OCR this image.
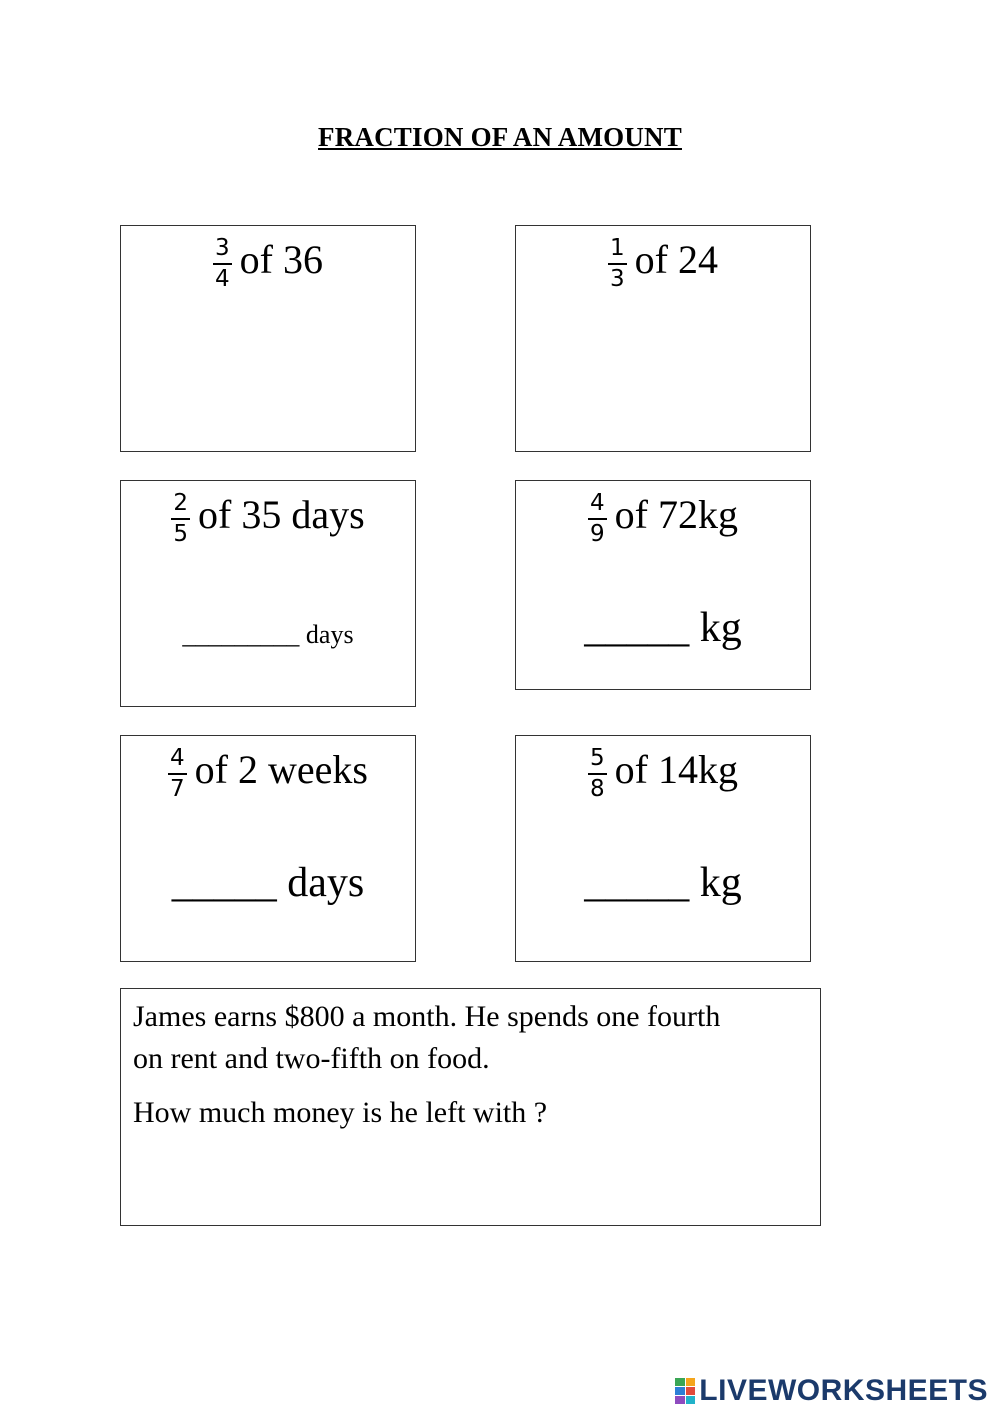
FRACTION OF AN AMOUNT
$\frac{3}{4}$ of 36	$\frac{1}{3}$ of 24
$\frac{2}{5}$ of 35 days
_________ days
$\frac{4}{9}$ of 72kg
_____ kg
$\frac{4}{7}$ of 2 weeks
_____ days
$\frac{5}{8}$ of 14kg
_____ kg

James earns $800 a month. He spends one fourth

on rent and two-fifth on food.

How much money is he left with ?

LIVEWORKSHEETS
